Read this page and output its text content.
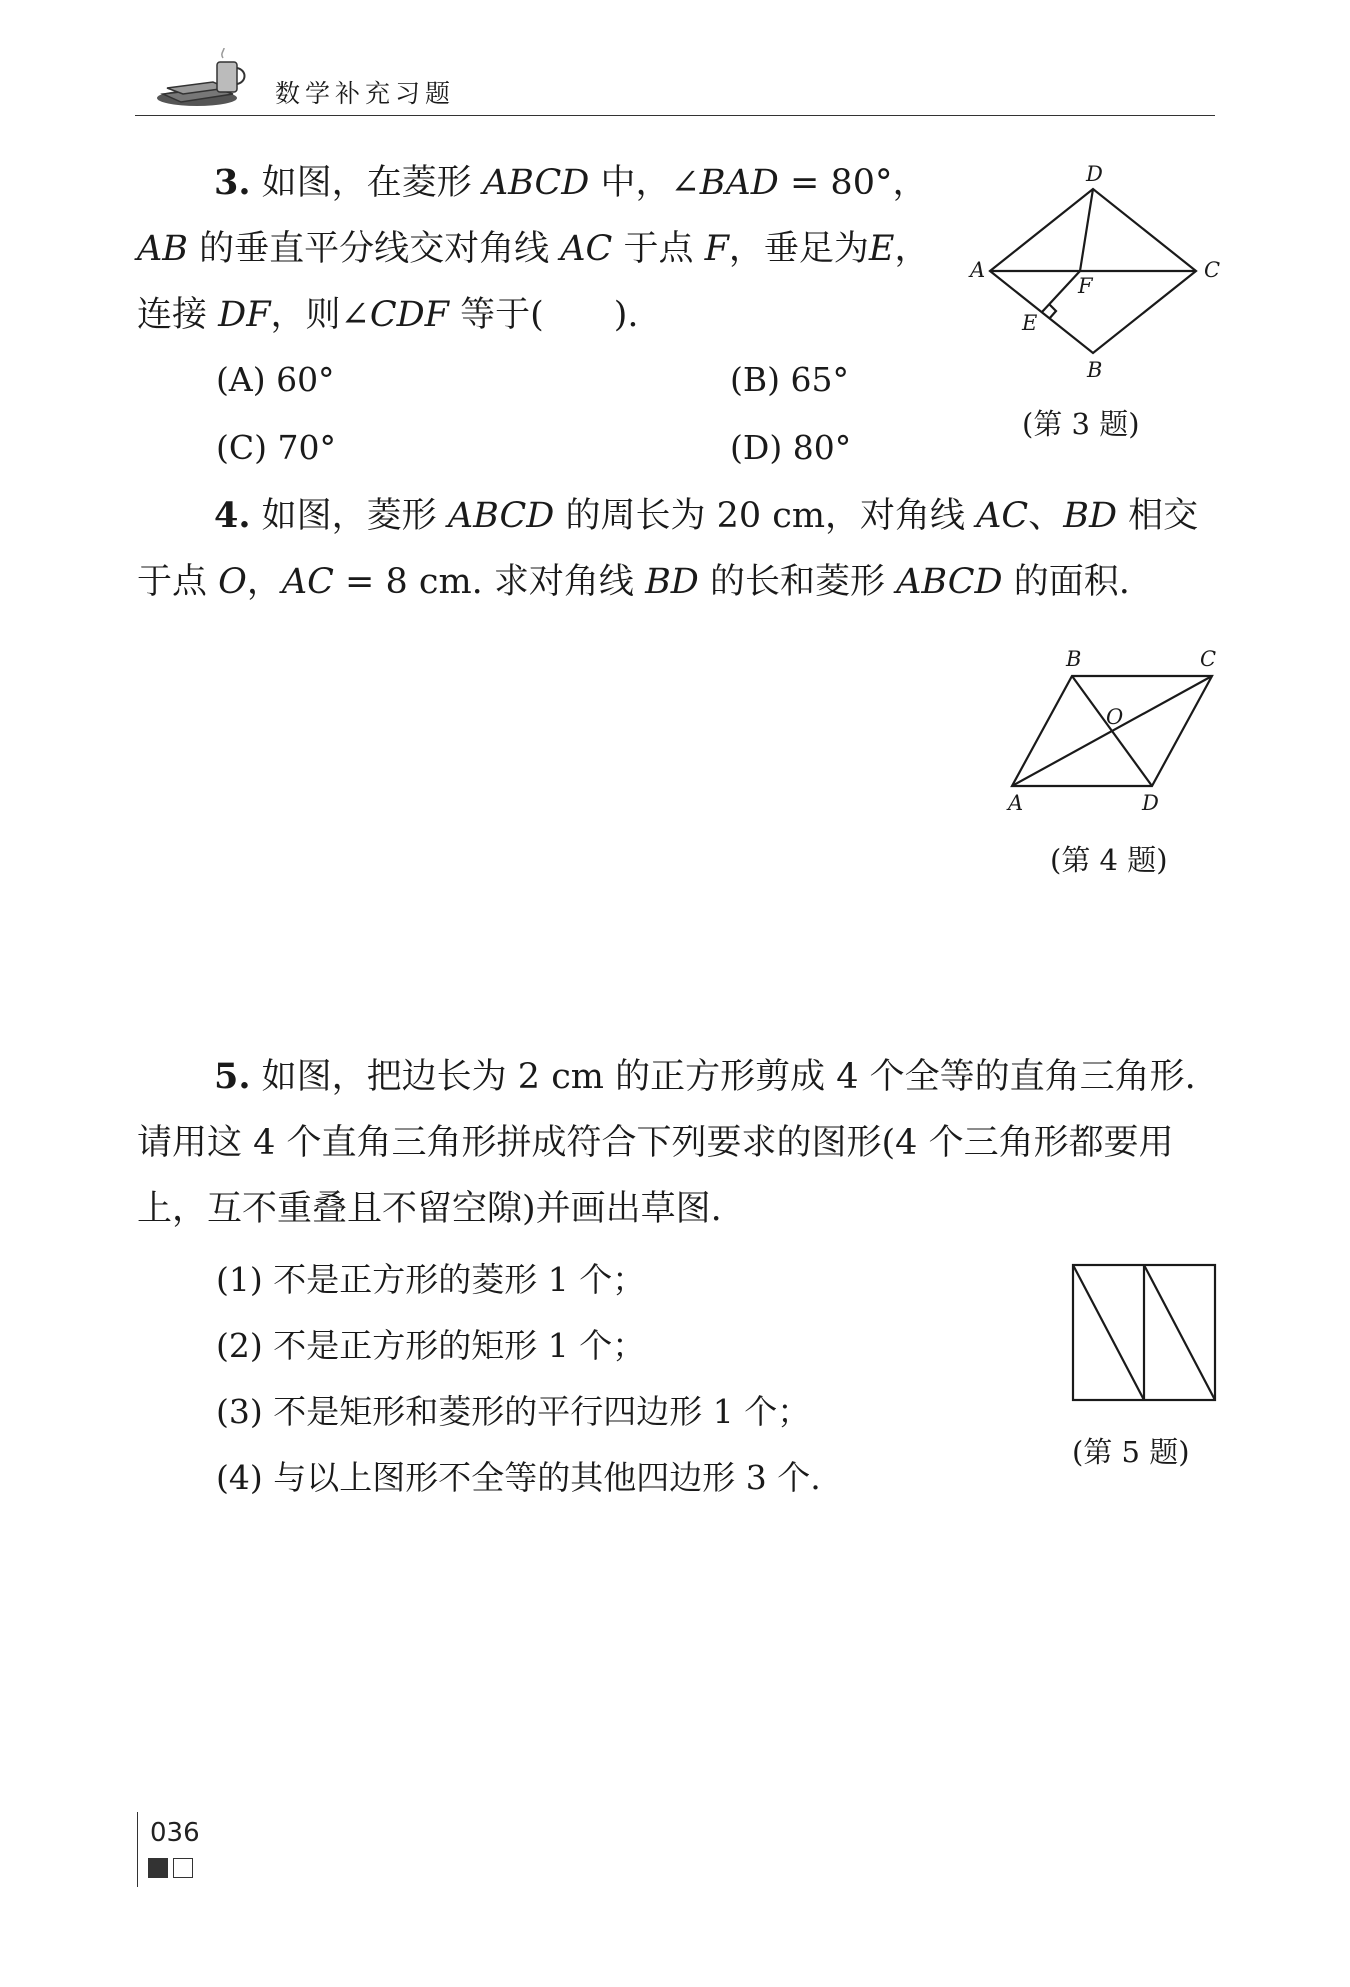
数学补充习题

3. 如图，在菱形 ABCD 中，∠BAD = 80°，AB 的垂直平分线交对角线 AC 于点 F，垂足为E，连接 DF，则∠CDF 等于(　　).

(A) 60°	(B) 65°
(C) 70°	(D) 80°
D
A	C
F
E
B
(第 3 题)

4. 如图，菱形 ABCD 的周长为 20 cm，对角线 AC、BD 相交于点 O，AC = 8 cm. 求对角线 BD 的长和菱形 ABCD 的面积.

B	C
O
A	D
(第 4 题)

5. 如图，把边长为 2 cm 的正方形剪成 4 个全等的直角三角形. 请用这 4 个直角三角形拼成符合下列要求的图形(4 个三角形都要用上，互不重叠且不留空隙)并画出草图.

(1) 不是正方形的菱形 1 个；
(2) 不是正方形的矩形 1 个；
(3) 不是矩形和菱形的平行四边形 1 个；
(4) 与以上图形不全等的其他四边形 3 个.
(第 5 题)
036
